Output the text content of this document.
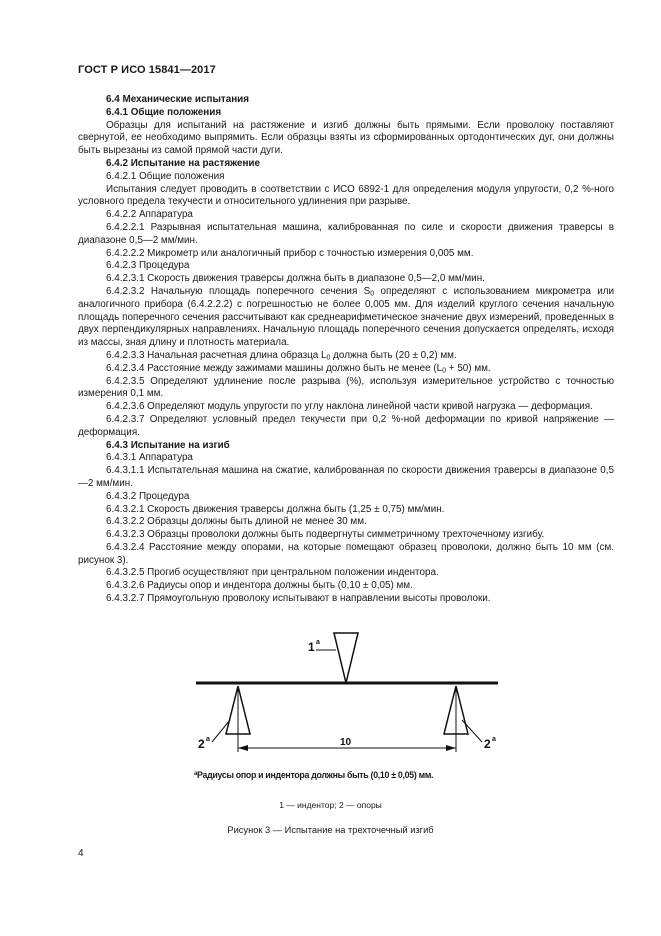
ГОСТ Р ИСО 15841—2017

6.4 Механические испытания

6.4.1 Общие положения

Образцы для испытаний на растяжение и изгиб должны быть прямыми. Если проволоку поставляют свернутой, ее необходимо выпрямить. Если образцы взяты из сформированных ортодонтических дуг, они должны быть вырезаны из самой прямой части дуги.

6.4.2 Испытание на растяжение

6.4.2.1 Общие положения

Испытания следует проводить в соответствии с ИСО 6892-1 для определения модуля упругости, 0,2 %-ного условного предела текучести и относительного удлинения при разрыве.

6.4.2.2 Аппаратура

6.4.2.2.1 Разрывная испытательная машина, калиброванная по силе и скорости движения траверсы в диапазоне 0,5—2 мм/мин.

6.4.2.2.2 Микрометр или аналогичный прибор с точностью измерения 0,005 мм.

6.4.2.3 Процедура

6.4.2.3.1 Скорость движения траверсы должна быть в диапазоне 0,5—2,0 мм/мин.

6.4.2.3.2 Начальную площадь поперечного сечения $S_0$ определяют с использованием микрометра или аналогичного прибора (6.4.2.2.2) с погрешностью не более 0,005 мм. Для изделий круглого сечения начальную площадь поперечного сечения рассчитывают как среднеарифметическое значение двух измерений, проведенных в двух перпендикулярных направлениях. Начальную площадь поперечного сечения допускается определять, исходя из массы, зная длину и плотность материала.

6.4.2.3.3 Начальная расчетная длина образца $L_0$ должна быть (20 ± 0,2) мм.

6.4.2.3.4 Расстояние между зажимами машины должно быть не менее $(L_0 + 50)$ мм.

6.4.2.3.5 Определяют удлинение после разрыва (%), используя измерительное устройство с точностью измерения 0,1 мм.

6.4.2.3.6 Определяют модуль упругости по углу наклона линейной части кривой нагрузка — деформация.

6.4.2.3.7 Определяют условный предел текучести при 0,2 %-ной деформации по кривой напряжение — деформация.

6.4.3 Испытание на изгиб

6.4.3.1 Аппаратура

6.4.3.1.1 Испытательная машина на сжатие, калиброванная по скорости движения траверсы в диапазоне 0,5—2 мм/мин.

6.4.3.2 Процедура

6.4.3.2.1 Скорость движения траверсы должна быть (1,25 ± 0,75) мм/мин.

6.4.3.2.2 Образцы должны быть длиной не менее 30 мм.

6.4.3.2.3 Образцы проволоки должны быть подвергнуты симметричному трехточечному изгибу.

6.4.3.2.4 Расстояние между опорами, на которые помещают образец проволоки, должно быть 10 мм (см. рисунок 3).

6.4.3.2.5 Прогиб осуществляют при центральном положении индентора.

6.4.3.2.6 Радиусы опор и индентора должны быть (0,10 ± 0,05) мм.

6.4.3.2.7 Прямоугольную проволоку испытывают в направлении высоты проволоки.

1 a
2 a	2 a
10
$^a$Радиусы опор и индентора должны быть (0,10 ± 0,05) мм.
1 — индентор; 2 — опоры
Рисунок 3 — Испытание на трехточечный изгиб
4
